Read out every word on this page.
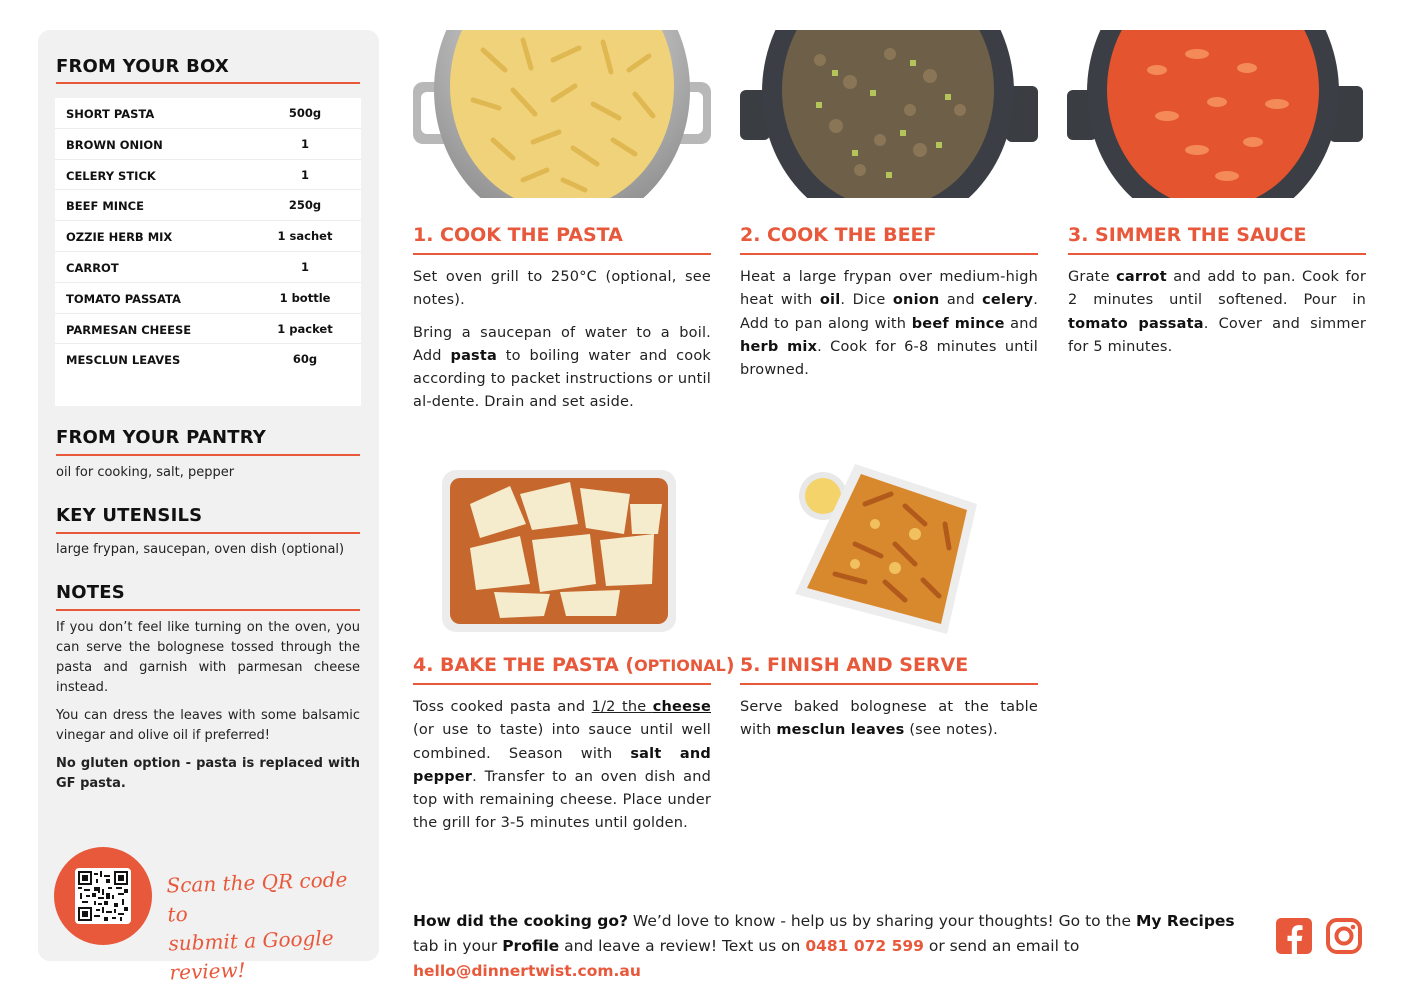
FROM YOUR BOX
SHORT PASTA	500g
BROWN ONION	1
CELERY STICK	1
BEEF MINCE	250g
OZZIE HERB MIX	1 sachet
CARROT	1
TOMATO PASSATA	1 bottle
PARMESAN CHEESE	1 packet
MESCLUN LEAVES	60g
FROM YOUR PANTRY
oil for cooking, salt, pepper
KEY UTENSILS
large frypan, saucepan, oven dish (optional)
NOTES

If you don’t feel like turning on the oven, you can serve the bolognese tossed through the pasta and garnish with parmesan cheese instead.

You can dress the leaves with some balsamic vinegar and olive oil if preferred!

No gluten option - pasta is replaced with GF pasta.

Scan the QR code to
submit a Google review!
1. COOK THE PASTA

Set oven grill to 250°C (optional, see notes).

Bring a saucepan of water to a boil. Add pasta to boiling water and cook according to packet instructions or until al-dente. Drain and set aside.

2. COOK THE BEEF

Heat a large frypan over medium-high heat with oil. Dice onion and celery. Add to pan along with beef mince and herb mix. Cook for 6-8 minutes until browned.

3. SIMMER THE SAUCE

Grate carrot and add to pan. Cook for 2 minutes until softened. Pour in tomato passata. Cover and simmer for 5 minutes.

4. BAKE THE PASTA (OPTIONAL)

Toss cooked pasta and 1/2 the cheese (or use to taste) into sauce until well combined. Season with salt and pepper. Transfer to an oven dish and top with remaining cheese. Place under the grill for 3-5 minutes until golden.

5. FINISH AND SERVE

Serve baked bolognese at the table with mesclun leaves (see notes).

How did the cooking go? We’d love to know - help us by sharing your thoughts! Go to the My Recipes tab in your Profile and leave a review! Text us on 0481 072 599 or send an email to hello@dinnertwist.com.au
